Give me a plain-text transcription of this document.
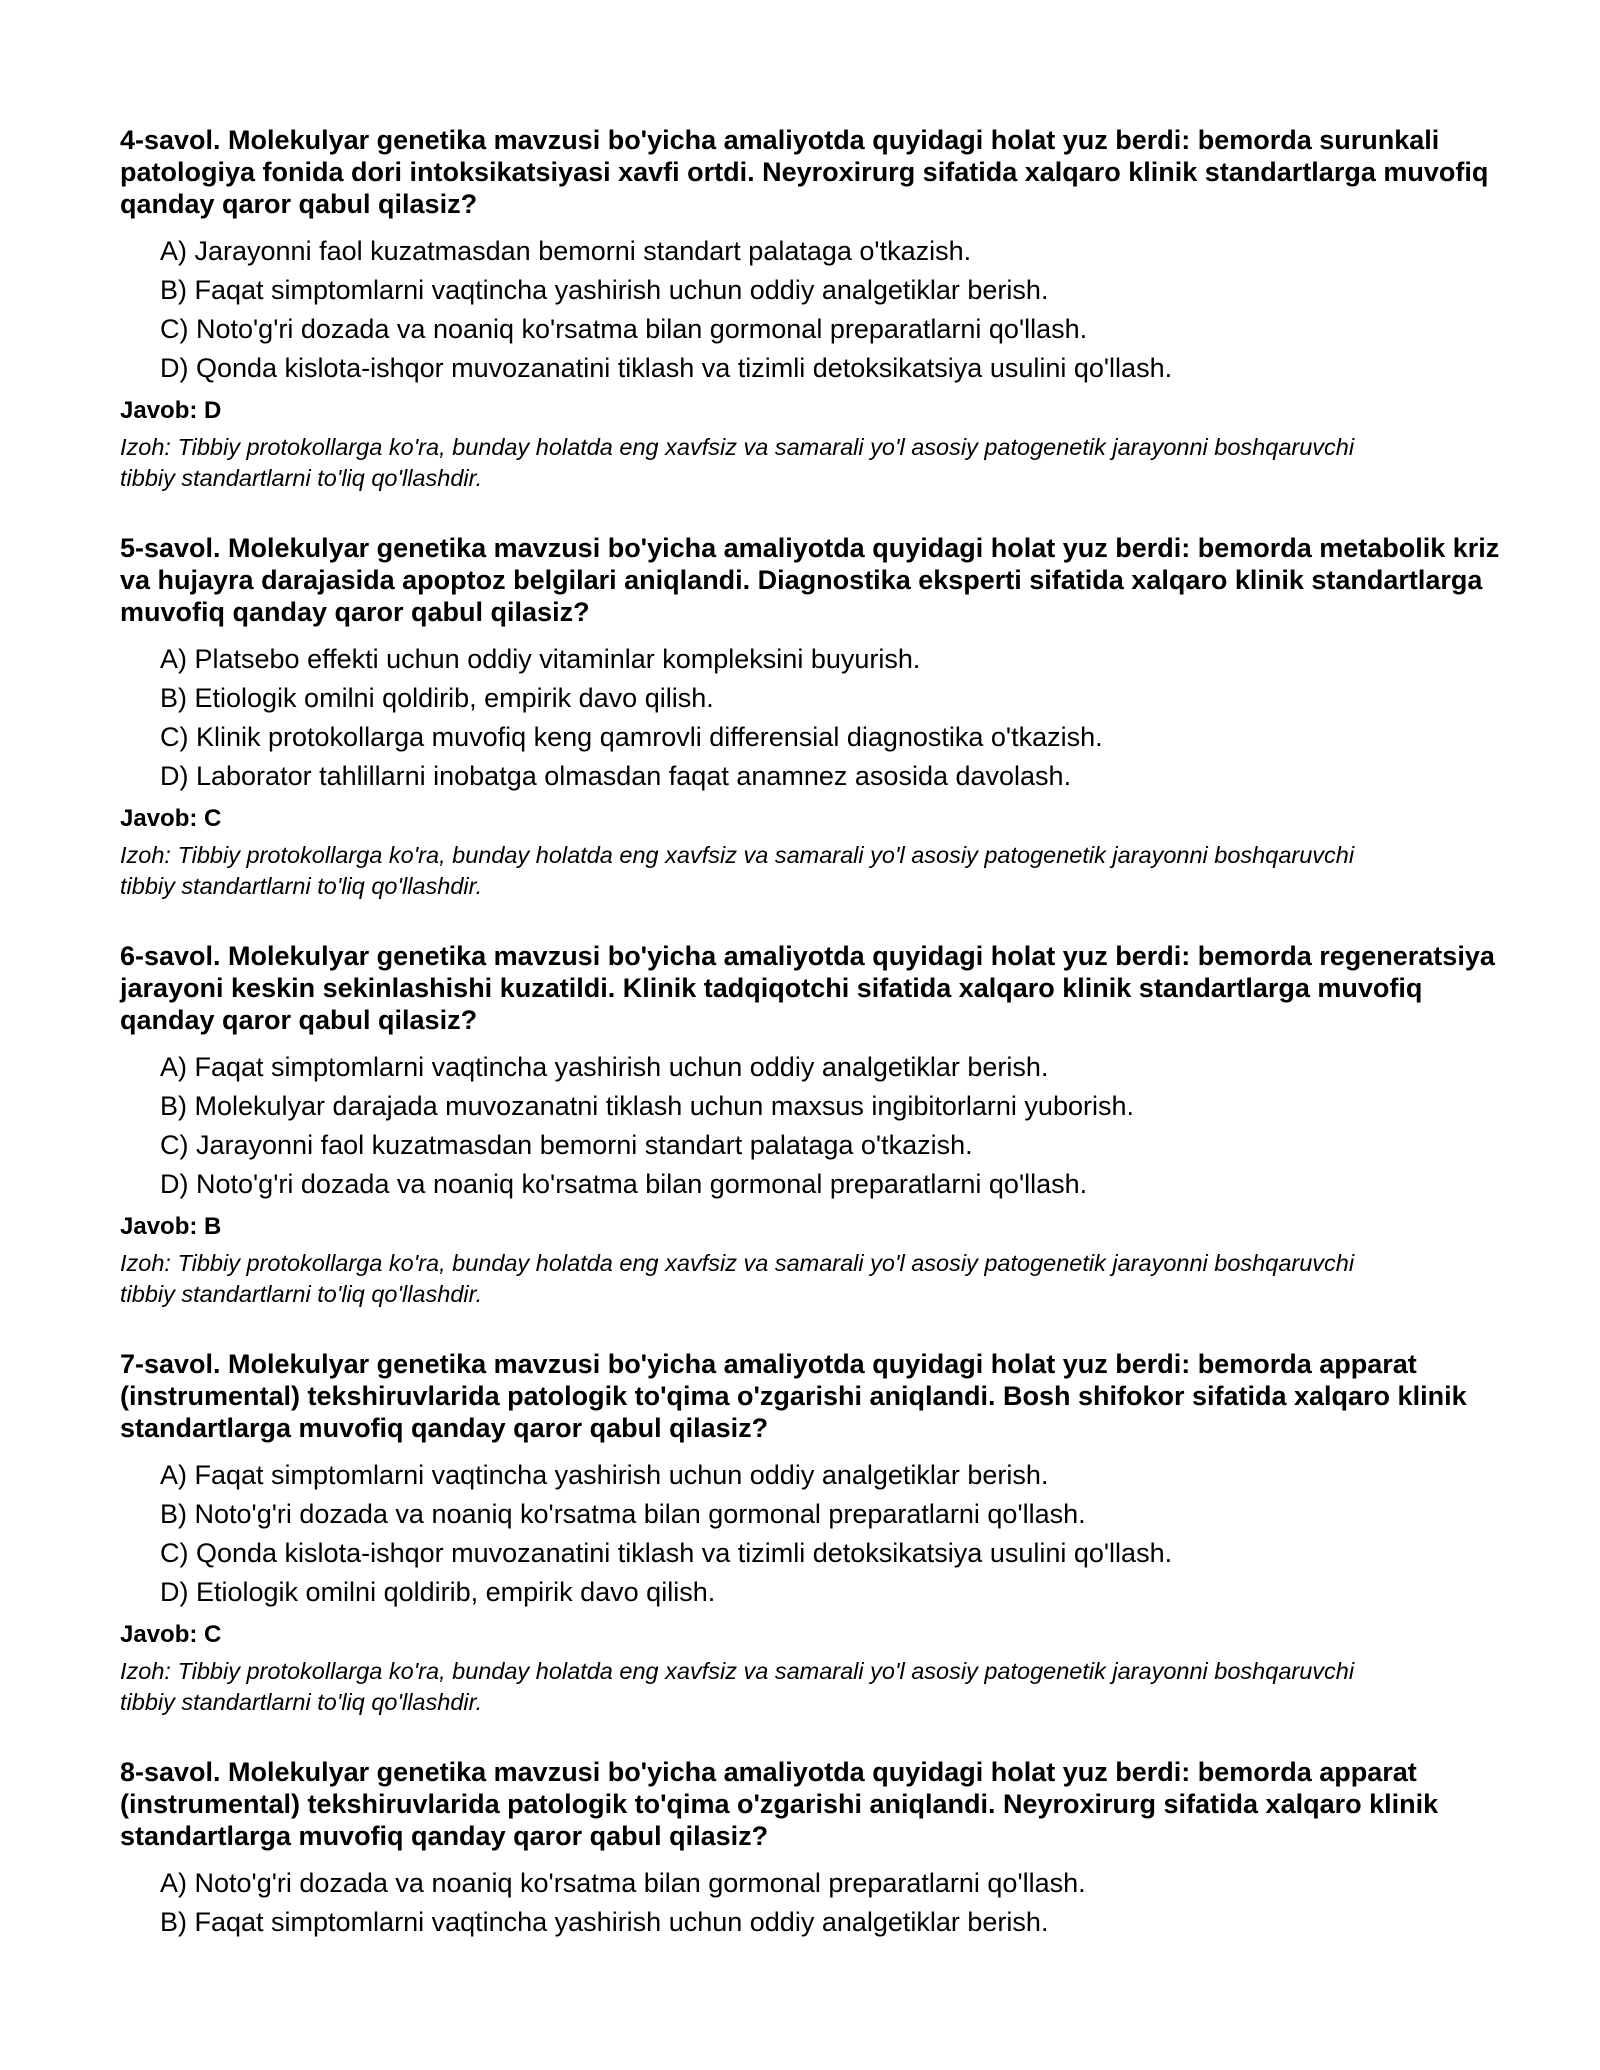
4-savol. Molekulyar genetika mavzusi bo'yicha amaliyotda quyidagi holat yuz berdi: bemorda surunkali patologiya fonida dori intoksikatsiyasi xavfi ortdi. Neyroxirurg sifatida xalqaro klinik standartlarga muvofiq qanday qaror qabul qilasiz?

A) Jarayonni faol kuzatmasdan bemorni standart palataga o'tkazish.
B) Faqat simptomlarni vaqtincha yashirish uchun oddiy analgetiklar berish.
C) Noto'g'ri dozada va noaniq ko'rsatma bilan gormonal preparatlarni qo'llash.
D) Qonda kislota-ishqor muvozanatini tiklash va tizimli detoksikatsiya usulini qo'llash.

Javob: D

Izoh: Tibbiy protokollarga ko'ra, bunday holatda eng xavfsiz va samarali yo'l asosiy patogenetik jarayonni boshqaruvchi tibbiy standartlarni to'liq qo'llashdir.

5-savol. Molekulyar genetika mavzusi bo'yicha amaliyotda quyidagi holat yuz berdi: bemorda metabolik kriz va hujayra darajasida apoptoz belgilari aniqlandi. Diagnostika eksperti sifatida xalqaro klinik standartlarga muvofiq qanday qaror qabul qilasiz?

A) Platsebo effekti uchun oddiy vitaminlar kompleksini buyurish.
B) Etiologik omilni qoldirib, empirik davo qilish.
C) Klinik protokollarga muvofiq keng qamrovli differensial diagnostika o'tkazish.
D) Laborator tahlillarni inobatga olmasdan faqat anamnez asosida davolash.

Javob: C

Izoh: Tibbiy protokollarga ko'ra, bunday holatda eng xavfsiz va samarali yo'l asosiy patogenetik jarayonni boshqaruvchi tibbiy standartlarni to'liq qo'llashdir.

6-savol. Molekulyar genetika mavzusi bo'yicha amaliyotda quyidagi holat yuz berdi: bemorda regeneratsiya jarayoni keskin sekinlashishi kuzatildi. Klinik tadqiqotchi sifatida xalqaro klinik standartlarga muvofiq qanday qaror qabul qilasiz?

A) Faqat simptomlarni vaqtincha yashirish uchun oddiy analgetiklar berish.
B) Molekulyar darajada muvozanatni tiklash uchun maxsus ingibitorlarni yuborish.
C) Jarayonni faol kuzatmasdan bemorni standart palataga o'tkazish.
D) Noto'g'ri dozada va noaniq ko'rsatma bilan gormonal preparatlarni qo'llash.

Javob: B

Izoh: Tibbiy protokollarga ko'ra, bunday holatda eng xavfsiz va samarali yo'l asosiy patogenetik jarayonni boshqaruvchi tibbiy standartlarni to'liq qo'llashdir.

7-savol. Molekulyar genetika mavzusi bo'yicha amaliyotda quyidagi holat yuz berdi: bemorda apparat (instrumental) tekshiruvlarida patologik to'qima o'zgarishi aniqlandi. Bosh shifokor sifatida xalqaro klinik standartlarga muvofiq qanday qaror qabul qilasiz?

A) Faqat simptomlarni vaqtincha yashirish uchun oddiy analgetiklar berish.
B) Noto'g'ri dozada va noaniq ko'rsatma bilan gormonal preparatlarni qo'llash.
C) Qonda kislota-ishqor muvozanatini tiklash va tizimli detoksikatsiya usulini qo'llash.
D) Etiologik omilni qoldirib, empirik davo qilish.

Javob: C

Izoh: Tibbiy protokollarga ko'ra, bunday holatda eng xavfsiz va samarali yo'l asosiy patogenetik jarayonni boshqaruvchi tibbiy standartlarni to'liq qo'llashdir.

8-savol. Molekulyar genetika mavzusi bo'yicha amaliyotda quyidagi holat yuz berdi: bemorda apparat (instrumental) tekshiruvlarida patologik to'qima o'zgarishi aniqlandi. Neyroxirurg sifatida xalqaro klinik standartlarga muvofiq qanday qaror qabul qilasiz?

A) Noto'g'ri dozada va noaniq ko'rsatma bilan gormonal preparatlarni qo'llash.
B) Faqat simptomlarni vaqtincha yashirish uchun oddiy analgetiklar berish.
